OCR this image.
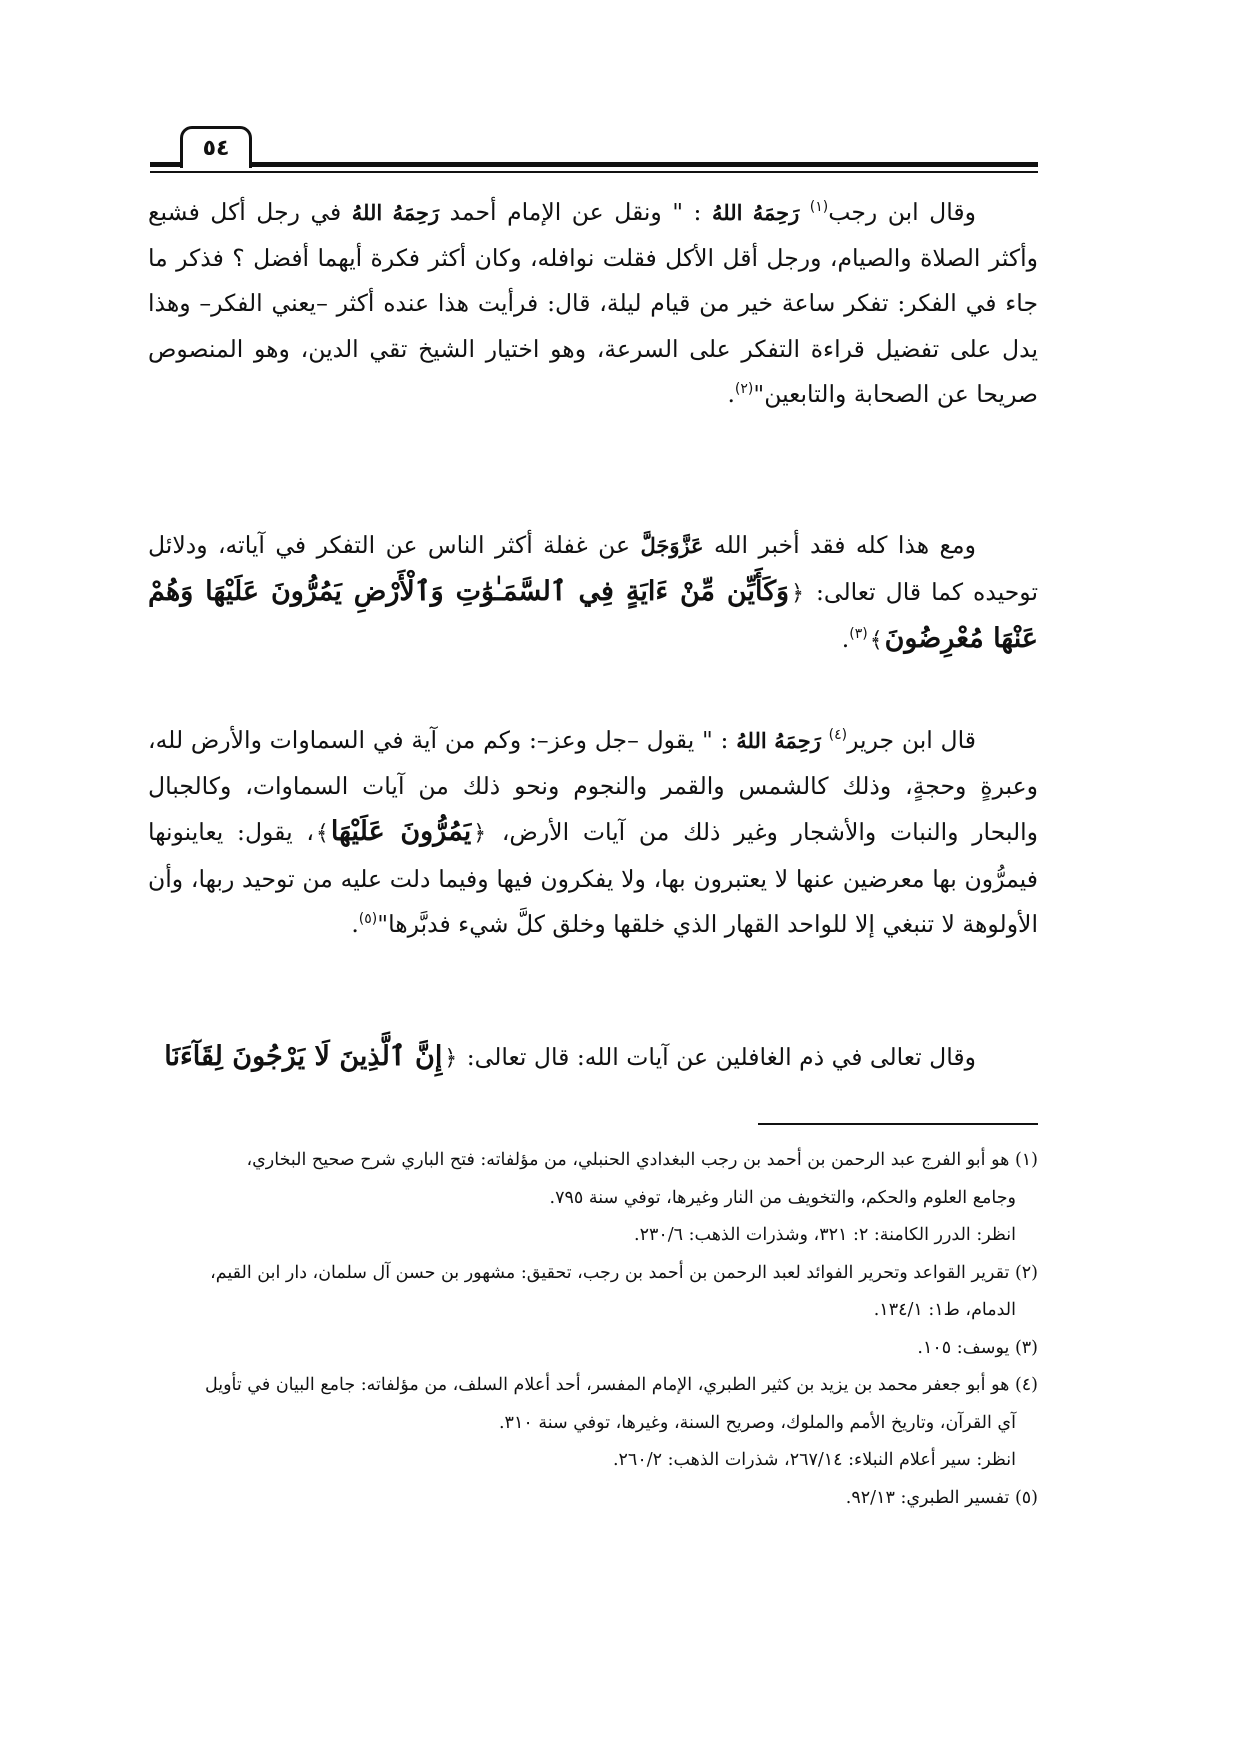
٥٤
وقال ابن رجب$^{(١)}$ رَحِمَهُ اللهُ : " ونقل عن الإمام أحمد رَحِمَهُ اللهُ في رجل أكل فشبع وأكثر الصلاة والصيام، ورجل أقل الأكل فقلت نوافله، وكان أكثر فكرة أيهما أفضل ؟ فذكر ما جاء في الفكر: تفكر ساعة خير من قيام ليلة، قال: فرأيت هذا عنده أكثر –يعني الفكر– وهذا يدل على تفضيل قراءة التفكر على السرعة، وهو اختيار الشيخ تقي الدين، وهو المنصوص صريحا عن الصحابة والتابعين"$^{(٢)}$.
ومع هذا كله فقد أخبر الله عَزَّوَجَلَّ عن غفلة أكثر الناس عن التفكر في آياته، ودلائل توحيده كما قال تعالى: ﴿وَكَأَيِّن مِّنْ ءَايَةٍ فِي ٱلسَّمَـٰوَٰتِ وَٱلْأَرْضِ يَمُرُّونَ عَلَيْهَا وَهُمْ عَنْهَا مُعْرِضُونَ﴾$^{(٣)}$.
قال ابن جرير$^{(٤)}$ رَحِمَهُ اللهُ : " يقول –جل وعز–: وكم من آية في السماوات والأرض لله، وعبرةٍ وحجةٍ، وذلك كالشمس والقمر والنجوم ونحو ذلك من آيات السماوات، وكالجبال والبحار والنبات والأشجار وغير ذلك من آيات الأرض، ﴿يَمُرُّونَ عَلَيْهَا﴾، يقول: يعاينونها فيمرُّون بها معرضين عنها لا يعتبرون بها، ولا يفكرون فيها وفيما دلت عليه من توحيد ربها، وأن الأولوهة لا تنبغي إلا للواحد القهار الذي خلقها وخلق كلَّ شيء فدبَّرها"$^{(٥)}$.
وقال تعالى في ذم الغافلين عن آيات الله: قال تعالى: ﴿إِنَّ ٱلَّذِينَ لَا يَرْجُونَ لِقَآءَنَا

(١) هو أبو الفرج عبد الرحمن بن أحمد بن رجب البغدادي الحنبلي، من مؤلفاته: فتح الباري شرح صحيح البخاري،

وجامع العلوم والحكم، والتخويف من النار وغيرها، توفي سنة ٧٩٥.

انظر: الدرر الكامنة: ٢: ٣٢١، وشذرات الذهب: ٢٣٠/٦.

(٢) تقرير القواعد وتحرير الفوائد لعبد الرحمن بن أحمد بن رجب، تحقيق: مشهور بن حسن آل سلمان، دار ابن القيم،

الدمام، ط١: ١٣٤/١.

(٣) يوسف: ١٠٥.

(٤) هو أبو جعفر محمد بن يزيد بن كثير الطبري، الإمام المفسر، أحد أعلام السلف، من مؤلفاته: جامع البيان في تأويل

آي القرآن، وتاريخ الأمم والملوك، وصريح السنة، وغيرها، توفي سنة ٣١٠.

انظر: سير أعلام النبلاء: ٢٦٧/١٤، شذرات الذهب: ٢٦٠/٢.

(٥) تفسير الطبري: ٩٢/١٣.
